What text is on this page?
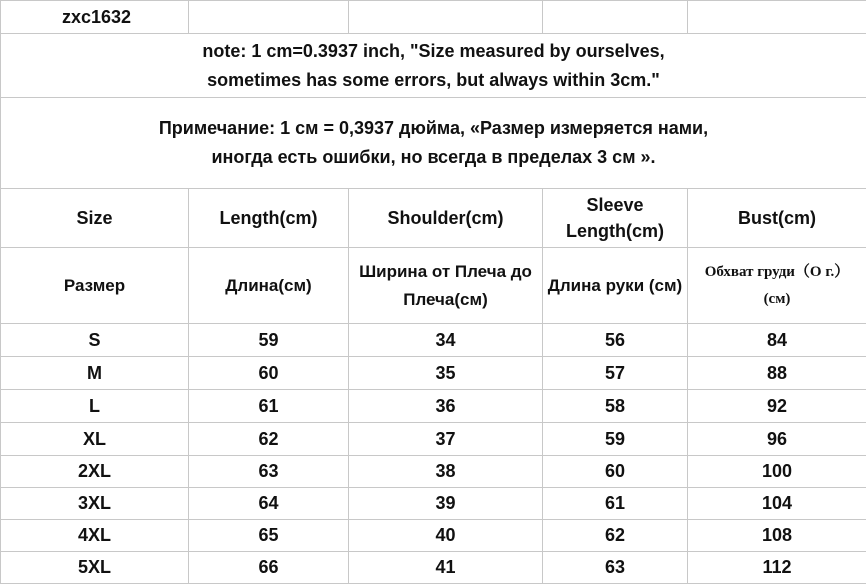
zxc1632				

note: 1 cm=0.3937 inch, "Size measured by ourselves,
sometimes has some errors, but always within 3cm."				

Примечание: 1 см = 0,3937 дюйма, «Размер измеряется нами,
иногда есть ошибки, но всегда в пределах 3 см ».				

Size	Length(cm)	Shoulder(cm)	Sleeve Length(cm)	Bust(cm)
Размер	Длина(см)	Ширина от Плеча до Плеча(см)	Длина руки (см)	Обхват груди（О г.）(см)
S	59	34	56	84
M	60	35	57	88
L	61	36	58	92
XL	62	37	59	96
2XL	63	38	60	100
3XL	64	39	61	104
4XL	65	40	62	108
5XL	66	41	63	112
